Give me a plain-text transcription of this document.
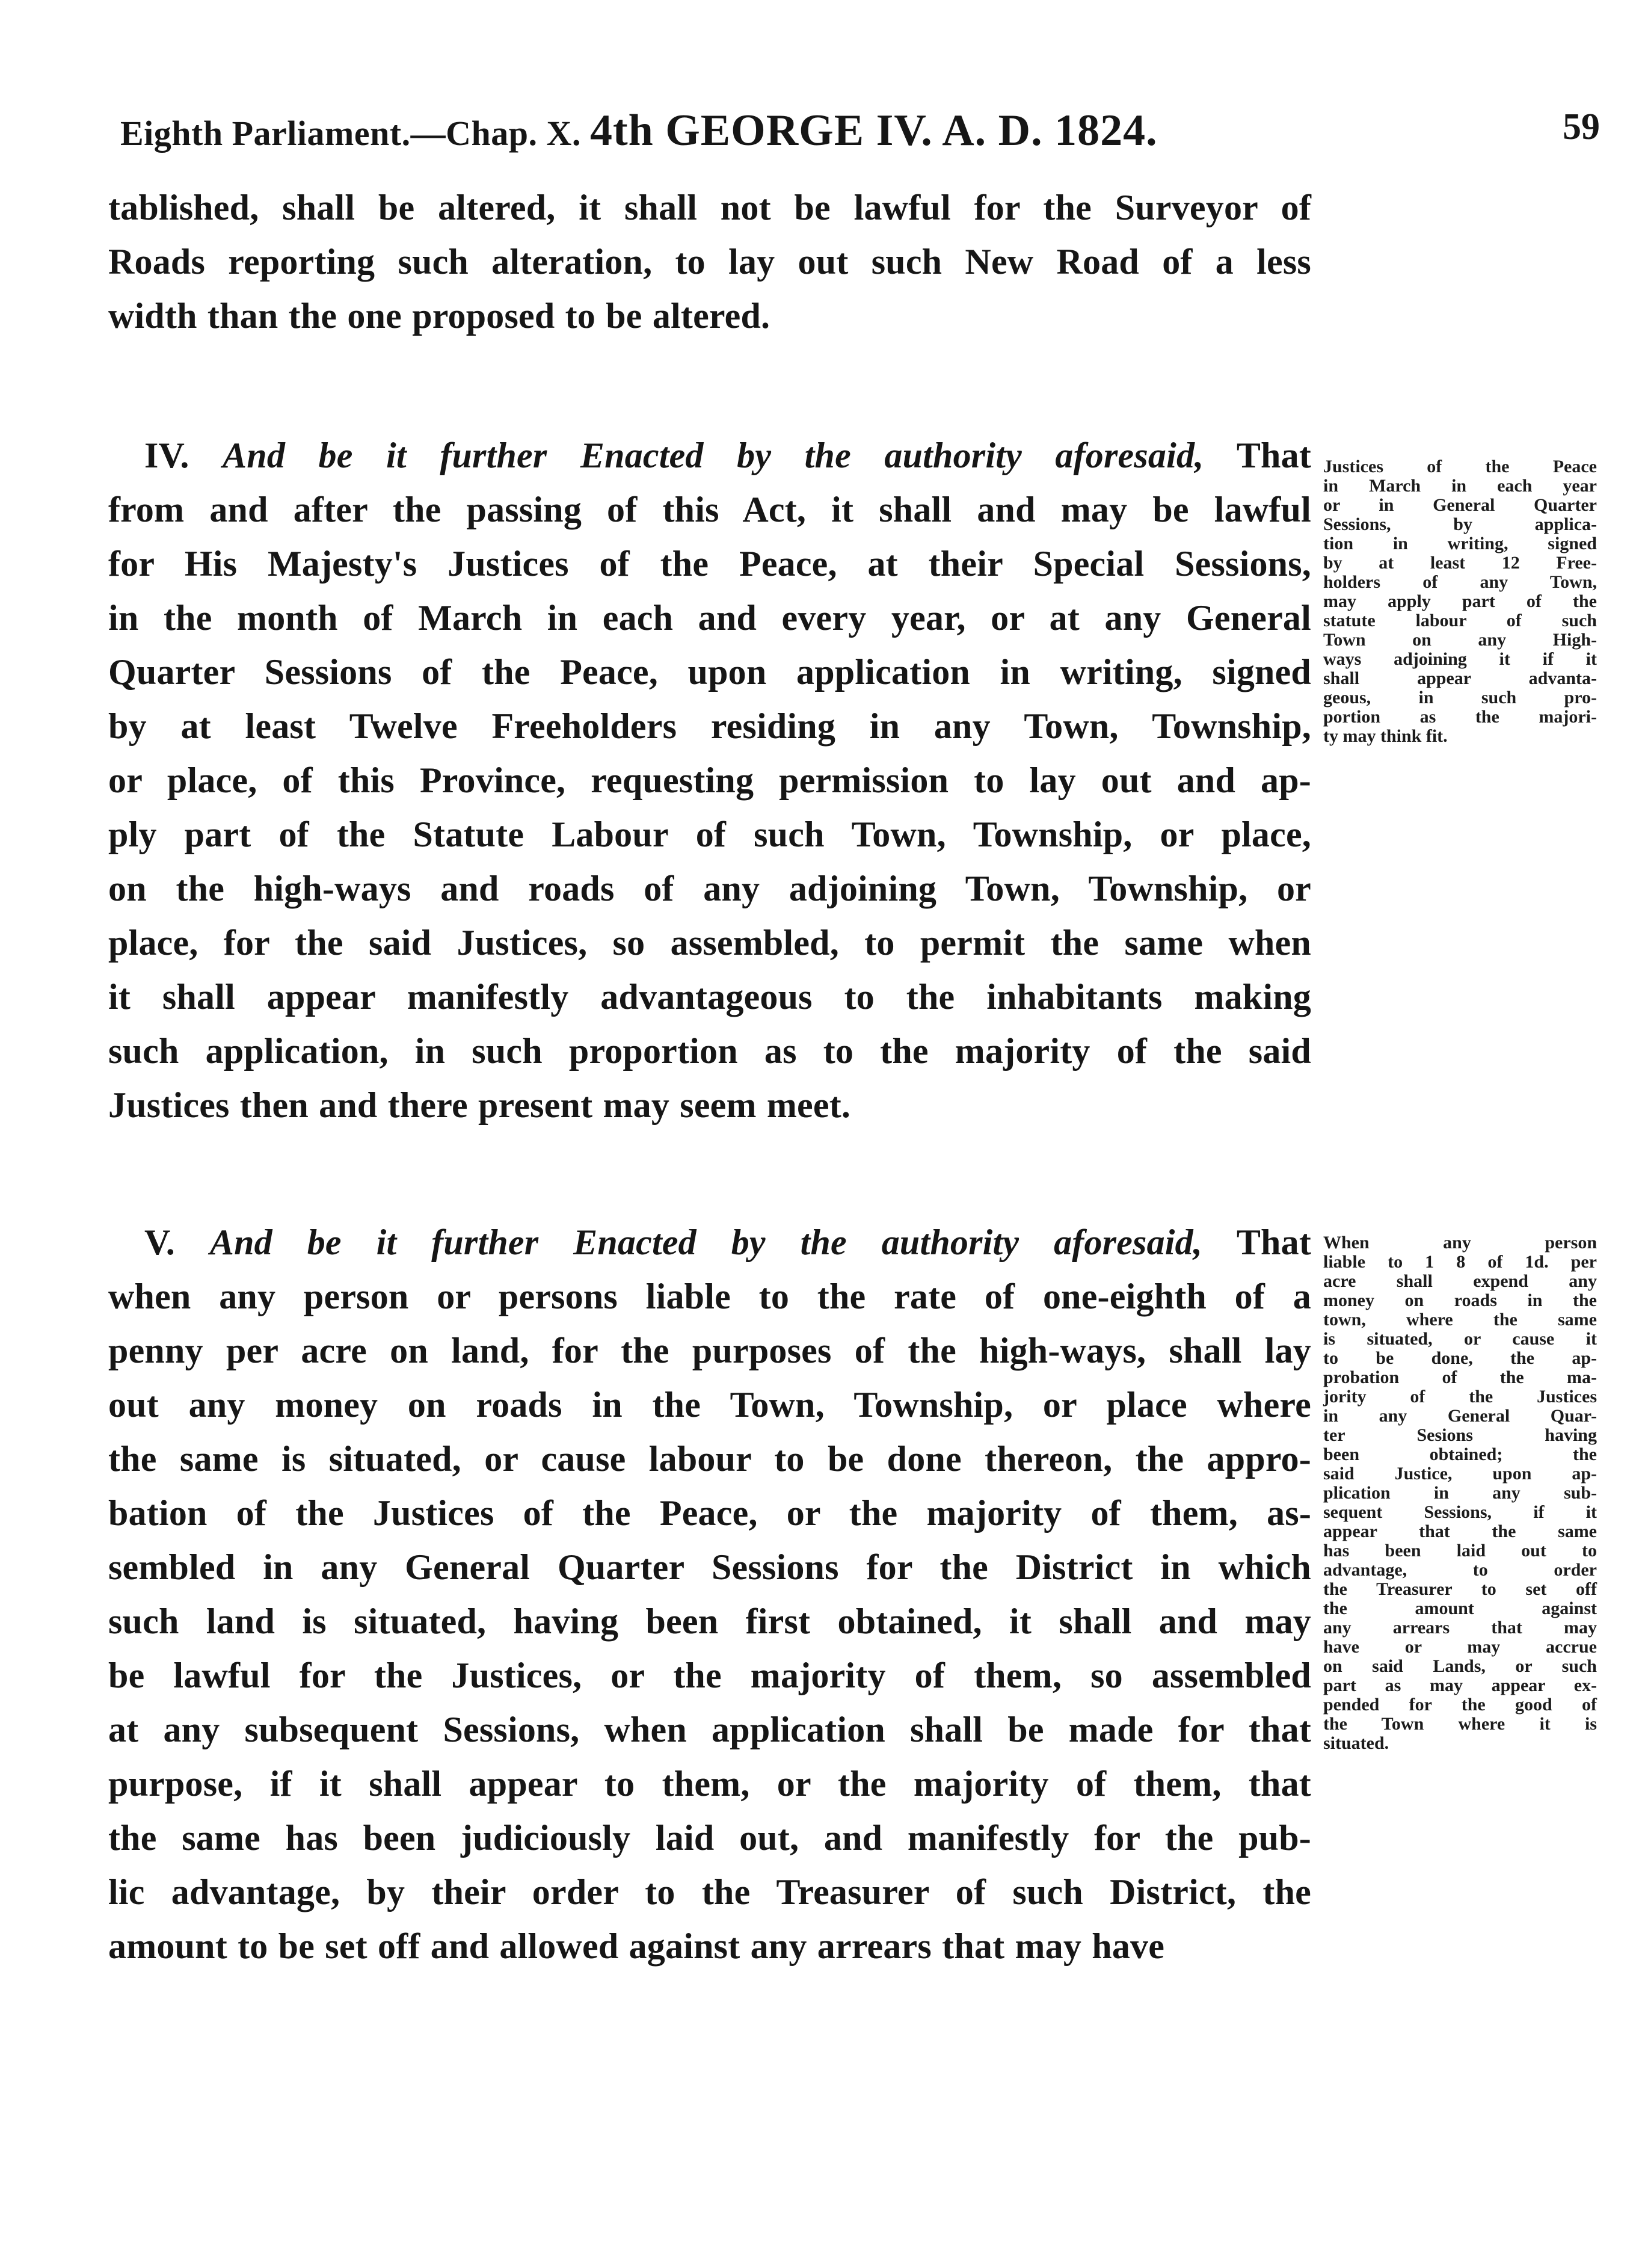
Eighth Parliament.—Chap. X. 4th GEORGE IV. A. D. 1824.	59
tablished, shall be altered, it shall not be lawful for the Surveyor of
Roads reporting such alteration, to lay out such New Road of a less
width than the one proposed to be altered.
IV. And be it further Enacted by the authority aforesaid, That
from and after the passing of this Act, it shall and may be lawful
for His Majesty's Justices of the Peace, at their Special Sessions,
in the month of March in each and every year, or at any General
Quarter Sessions of the Peace, upon application in writing, signed
by at least Twelve Freeholders residing in any Town, Township,
or place, of this Province, requesting permission to lay out and ap-
ply part of the Statute Labour of such Town, Township, or place,
on the high-ways and roads of any adjoining Town, Township, or
place, for the said Justices, so assembled, to permit the same when
it shall appear manifestly advantageous to the inhabitants making
such application, in such proportion as to the majority of the said
Justices then and there present may seem meet.
Justices of the Peace
in March in each year
or in General Quarter
Sessions, by applica-
tion in writing, signed
by at least 12 Free-
holders of any Town,
may apply part of the
statute labour of such
Town on any High-
ways adjoining it if it
shall appear advanta-
geous, in such pro-
portion as the majori-
ty may think fit.
V. And be it further Enacted by the authority aforesaid, That
when any person or persons liable to the rate of one-eighth of a
penny per acre on land, for the purposes of the high-ways, shall lay
out any money on roads in the Town, Township, or place where
the same is situated, or cause labour to be done thereon, the appro-
bation of the Justices of the Peace, or the majority of them, as-
sembled in any General Quarter Sessions for the District in which
such land is situated, having been first obtained, it shall and may
be lawful for the Justices, or the majority of them, so assembled
at any subsequent Sessions, when application shall be made for that
purpose, if it shall appear to them, or the majority of them, that
the same has been judiciously laid out, and manifestly for the pub-
lic advantage, by their order to the Treasurer of such District, the
amount to be set off and allowed against any arrears that may have
When any person
liable to 1 8 of 1d. per
acre shall expend any
money on roads in the
town, where the same
is situated, or cause it
to be done, the ap-
probation of the ma-
jority of the Justices
in any General Quar-
ter Sesions having
been obtained; the
said Justice, upon ap-
plication in any sub-
sequent Sessions, if it
appear that the same
has been laid out to
advantage, to order
the Treasurer to set off
the amount against
any arrears that may
have or may accrue
on said Lands, or such
part as may appear ex-
pended for the good of
the Town where it is
situated.
